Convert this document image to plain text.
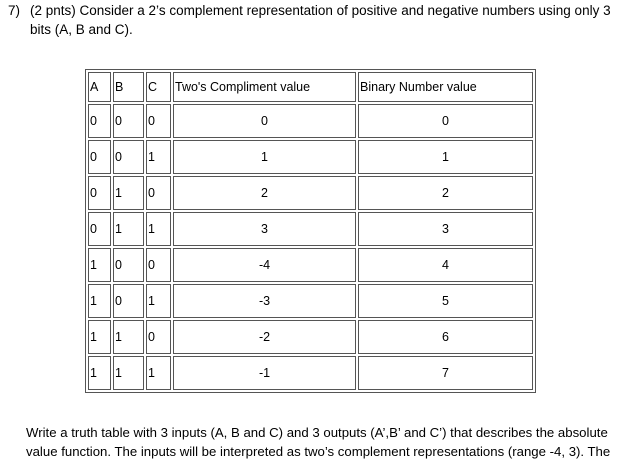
7) (2 pnts) Consider a 2’s complement representation of positive and negative numbers using only 3 bits (A, B and C).
A	B	C	Two's Compliment value	Binary Number value
0	0	0	0	0
0	0	1	1	1
0	1	0	2	2
0	1	1	3	3
1	0	0	-4	4
1	0	1	-3	5
1	1	0	-2	6
1	1	1	-1	7
Write a truth table with 3 inputs (A, B and C) and 3 outputs (A’,B’ and C’) that describes the absolute value function. The inputs will be interpreted as two’s complement representations (range -4, 3). The
